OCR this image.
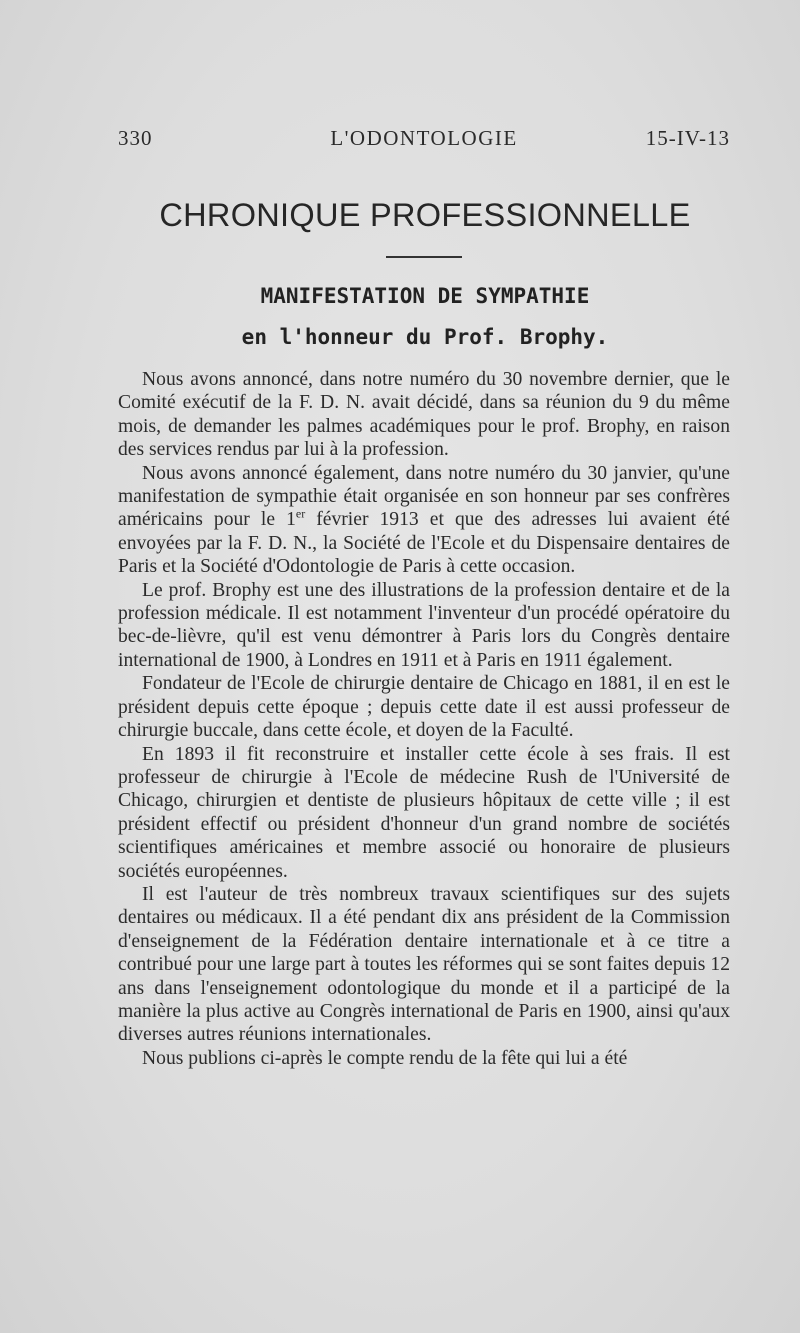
330	L'ODONTOLOGIE	15-IV-13
CHRONIQUE PROFESSIONNELLE
MANIFESTATION DE SYMPATHIE
en l'honneur du Prof. Brophy.

Nous avons annoncé, dans notre numéro du 30 novembre dernier, que le Comité exécutif de la F. D. N. avait décidé, dans sa réunion du 9 du même mois, de demander les palmes académiques pour le prof. Brophy, en raison des services rendus par lui à la profession.

Nous avons annoncé également, dans notre numéro du 30 janvier, qu'une manifestation de sympathie était organisée en son honneur par ses confrères américains pour le 1er février 1913 et que des adresses lui avaient été envoyées par la F. D. N., la Société de l'Ecole et du Dispensaire dentaires de Paris et la Société d'Odontologie de Paris à cette occasion.

Le prof. Brophy est une des illustrations de la profession dentaire et de la profession médicale. Il est notamment l'inventeur d'un procédé opératoire du bec-de-lièvre, qu'il est venu démontrer à Paris lors du Congrès dentaire international de 1900, à Londres en 1911 et à Paris en 1911 également.

Fondateur de l'Ecole de chirurgie dentaire de Chicago en 1881, il en est le président depuis cette époque ; depuis cette date il est aussi professeur de chirurgie buccale, dans cette école, et doyen de la Faculté.

En 1893 il fit reconstruire et installer cette école à ses frais. Il est professeur de chirurgie à l'Ecole de médecine Rush de l'Université de Chicago, chirurgien et dentiste de plusieurs hôpitaux de cette ville ; il est président effectif ou président d'honneur d'un grand nombre de sociétés scientifiques américaines et membre associé ou honoraire de plusieurs sociétés européennes.

Il est l'auteur de très nombreux travaux scientifiques sur des sujets dentaires ou médicaux. Il a été pendant dix ans président de la Commission d'enseignement de la Fédération dentaire internationale et à ce titre a contribué pour une large part à toutes les réformes qui se sont faites depuis 12 ans dans l'enseignement odontologique du monde et il a participé de la manière la plus active au Congrès international de Paris en 1900, ainsi qu'aux diverses autres réunions internationales.

Nous publions ci-après le compte rendu de la fête qui lui a été
